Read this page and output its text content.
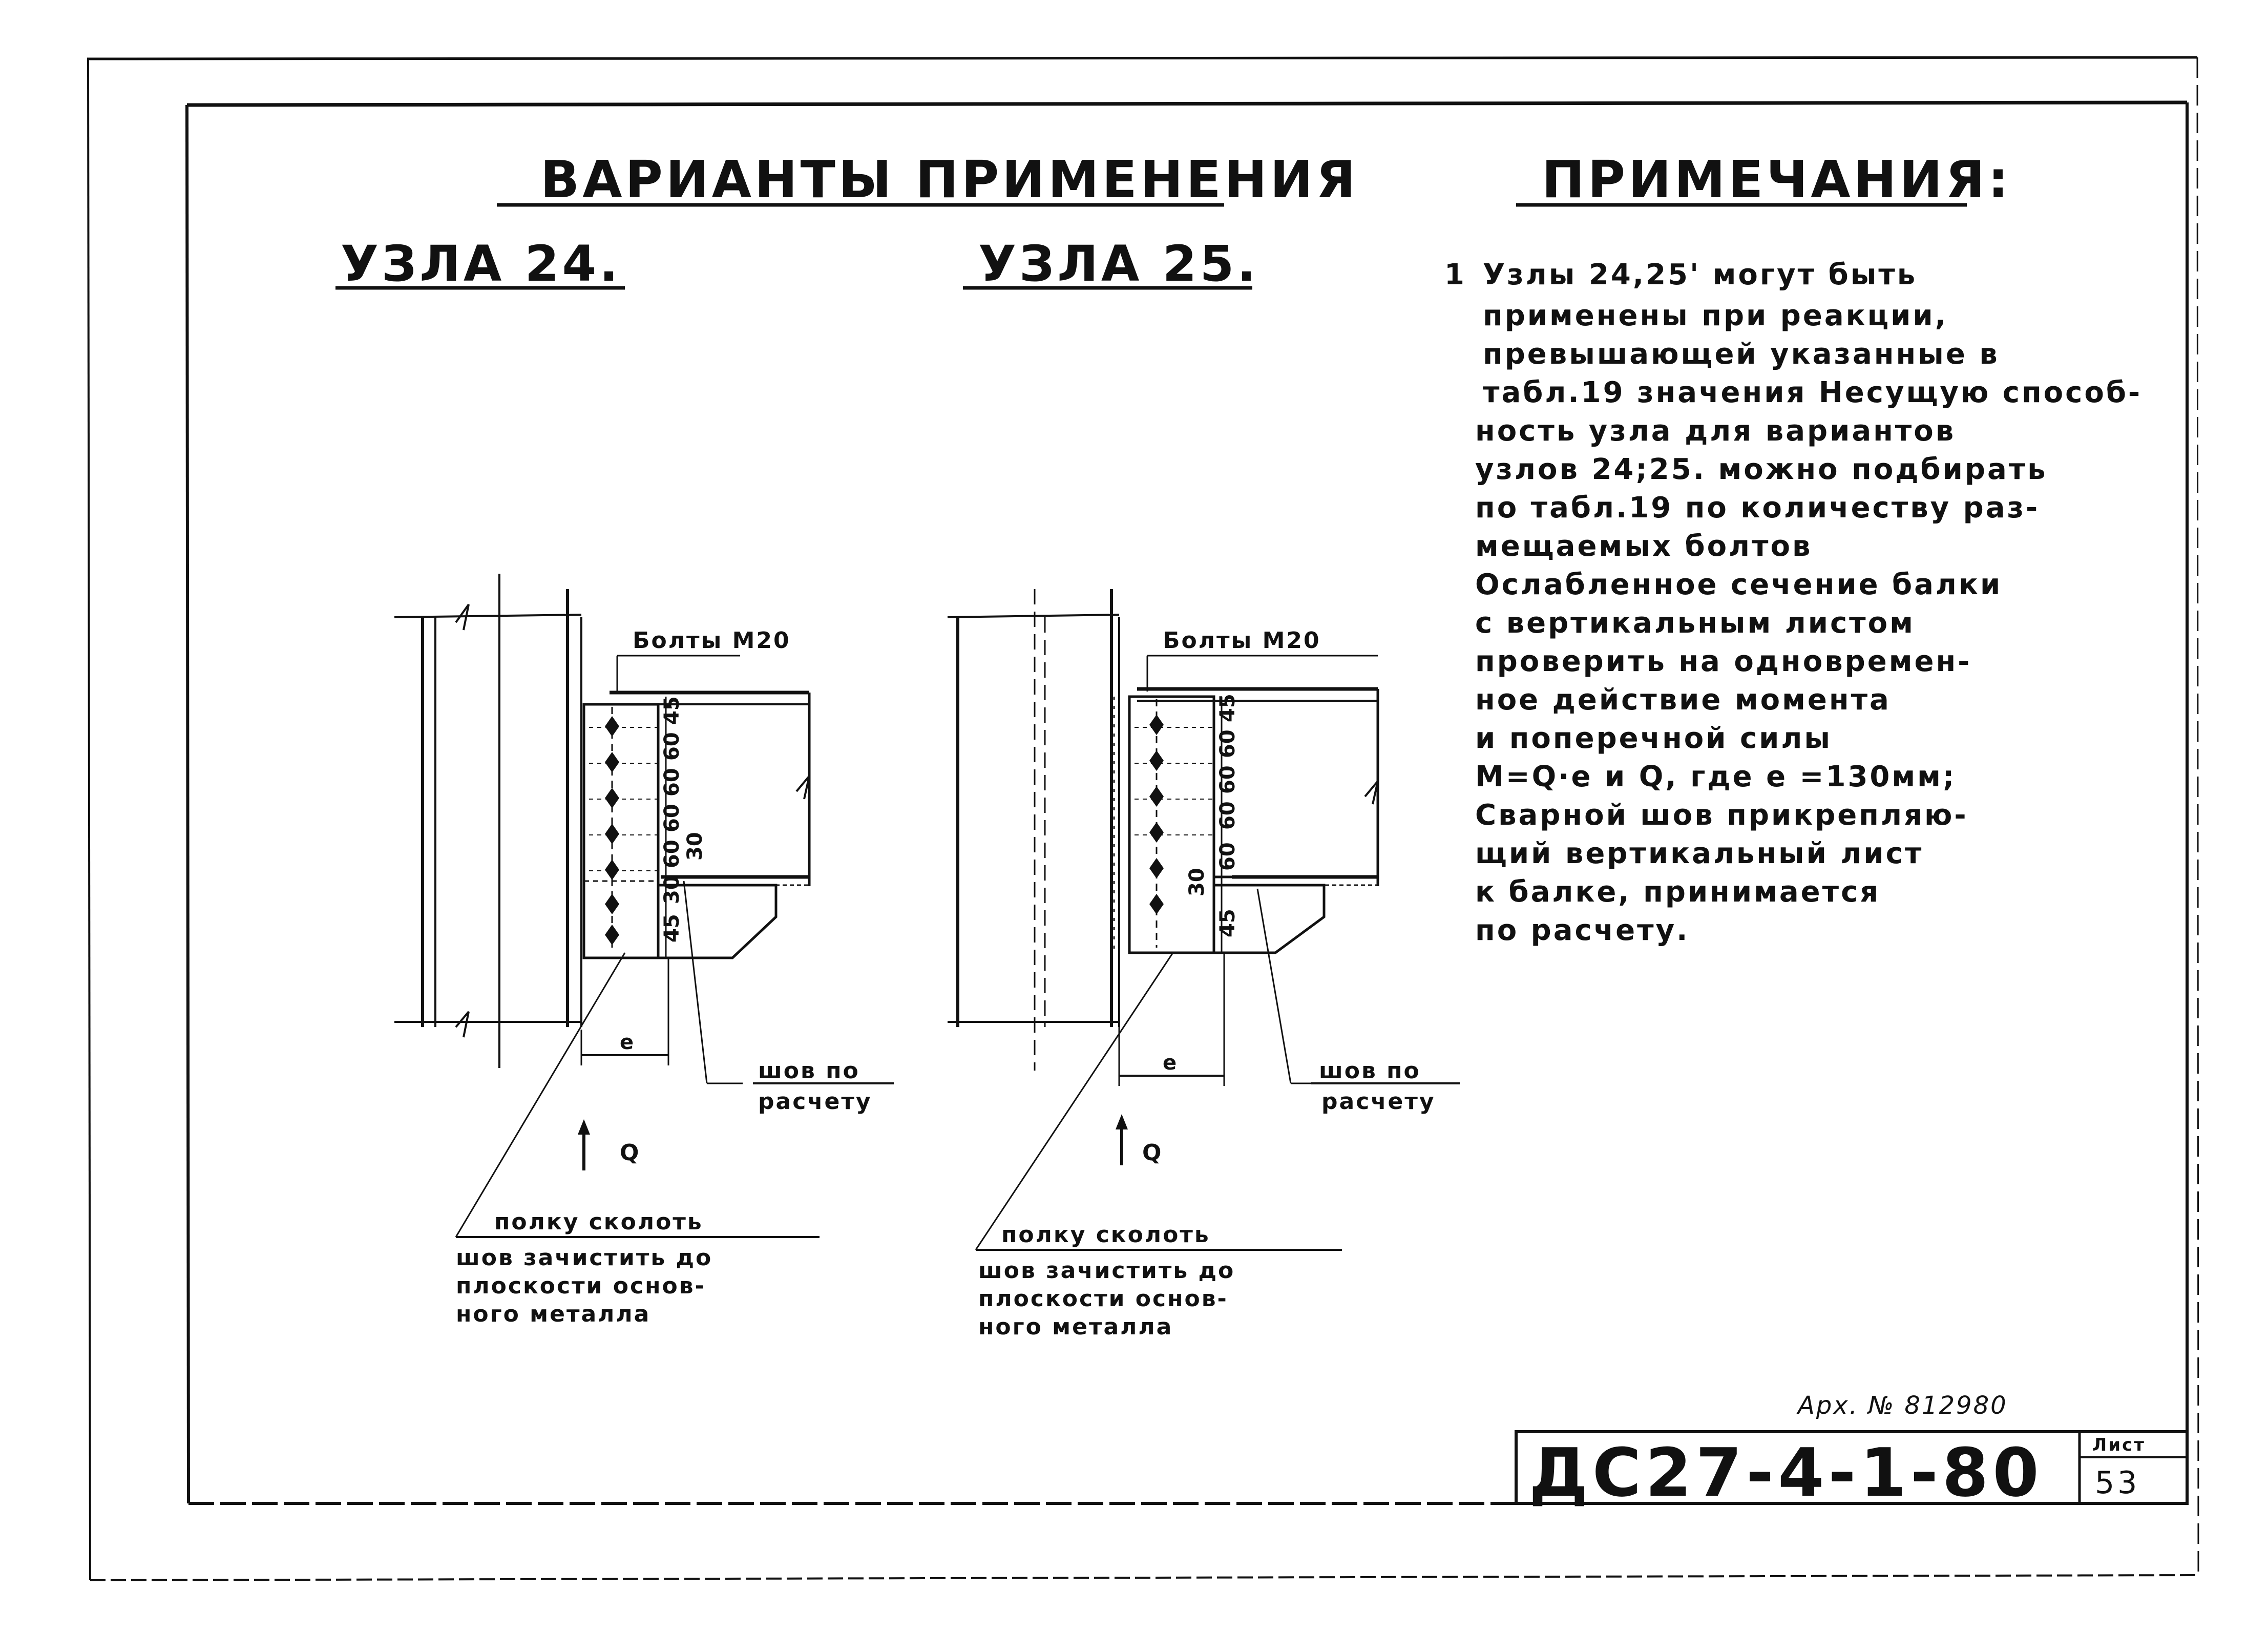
ВАРИАНТЫ ПРИМЕНЕНИЯ
УЗЛА 24.	УЗЛА 25.
ПРИМЕЧАНИЯ:
1 Узлы 24,25' могут быть
применены при реакции,
превышающей указанные в
табл.19 значения Несущую способ-
ность узла для вариантов
узлов 24;25. можно подбирать
по табл.19 по количеству раз-
мещаемых болтов
Ослабленное сечение балки
с вертикальным листом
проверить на одновремен-
ное действие момента
и поперечной силы
M=Q·e и Q, где e =130мм;
Сварной шов прикрепляю-
щий вертикальный лист
к балке, принимается
по расчету.
45
60
60
60
60 30
30
45
e
Болты М20
шов по
расчету
полку сколоть
шов зачистить до
плоскости основ-
ного металла
Q
45
60
60
60
30
60
45
e
Болты М20
шов по
расчету
полку сколоть
шов зачистить до
плоскости основ-
ного металла
Q
Арх. № 812980
ДС27-4-1-80	Лист
53
